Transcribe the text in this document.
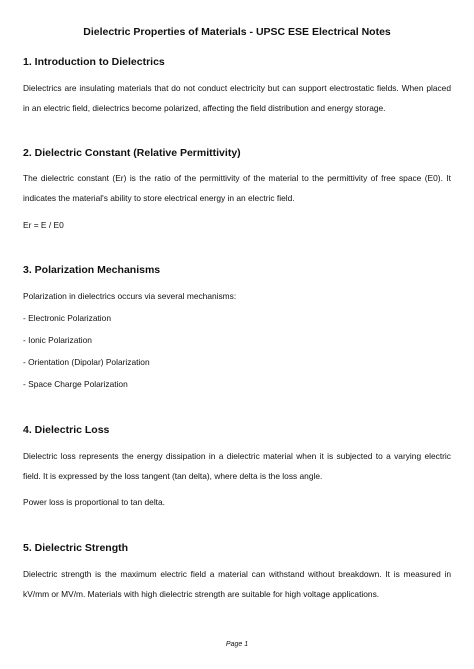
Dielectric Properties of Materials - UPSC ESE Electrical Notes
1. Introduction to Dielectrics
Dielectrics are insulating materials that do not conduct electricity but can support electrostatic fields. When placed in an electric field, dielectrics become polarized, affecting the field distribution and energy storage.
2. Dielectric Constant (Relative Permittivity)
The dielectric constant (Er) is the ratio of the permittivity of the material to the permittivity of free space (E0). It indicates the material's ability to store electrical energy in an electric field.
Er = E / E0
3. Polarization Mechanisms
Polarization in dielectrics occurs via several mechanisms:
- Electronic Polarization
- Ionic Polarization
- Orientation (Dipolar) Polarization
- Space Charge Polarization
4. Dielectric Loss
Dielectric loss represents the energy dissipation in a dielectric material when it is subjected to a varying electric field. It is expressed by the loss tangent (tan delta), where delta is the loss angle.
Power loss is proportional to tan delta.
5. Dielectric Strength
Dielectric strength is the maximum electric field a material can withstand without breakdown. It is measured in kV/mm or MV/m. Materials with high dielectric strength are suitable for high voltage applications.
Page 1
